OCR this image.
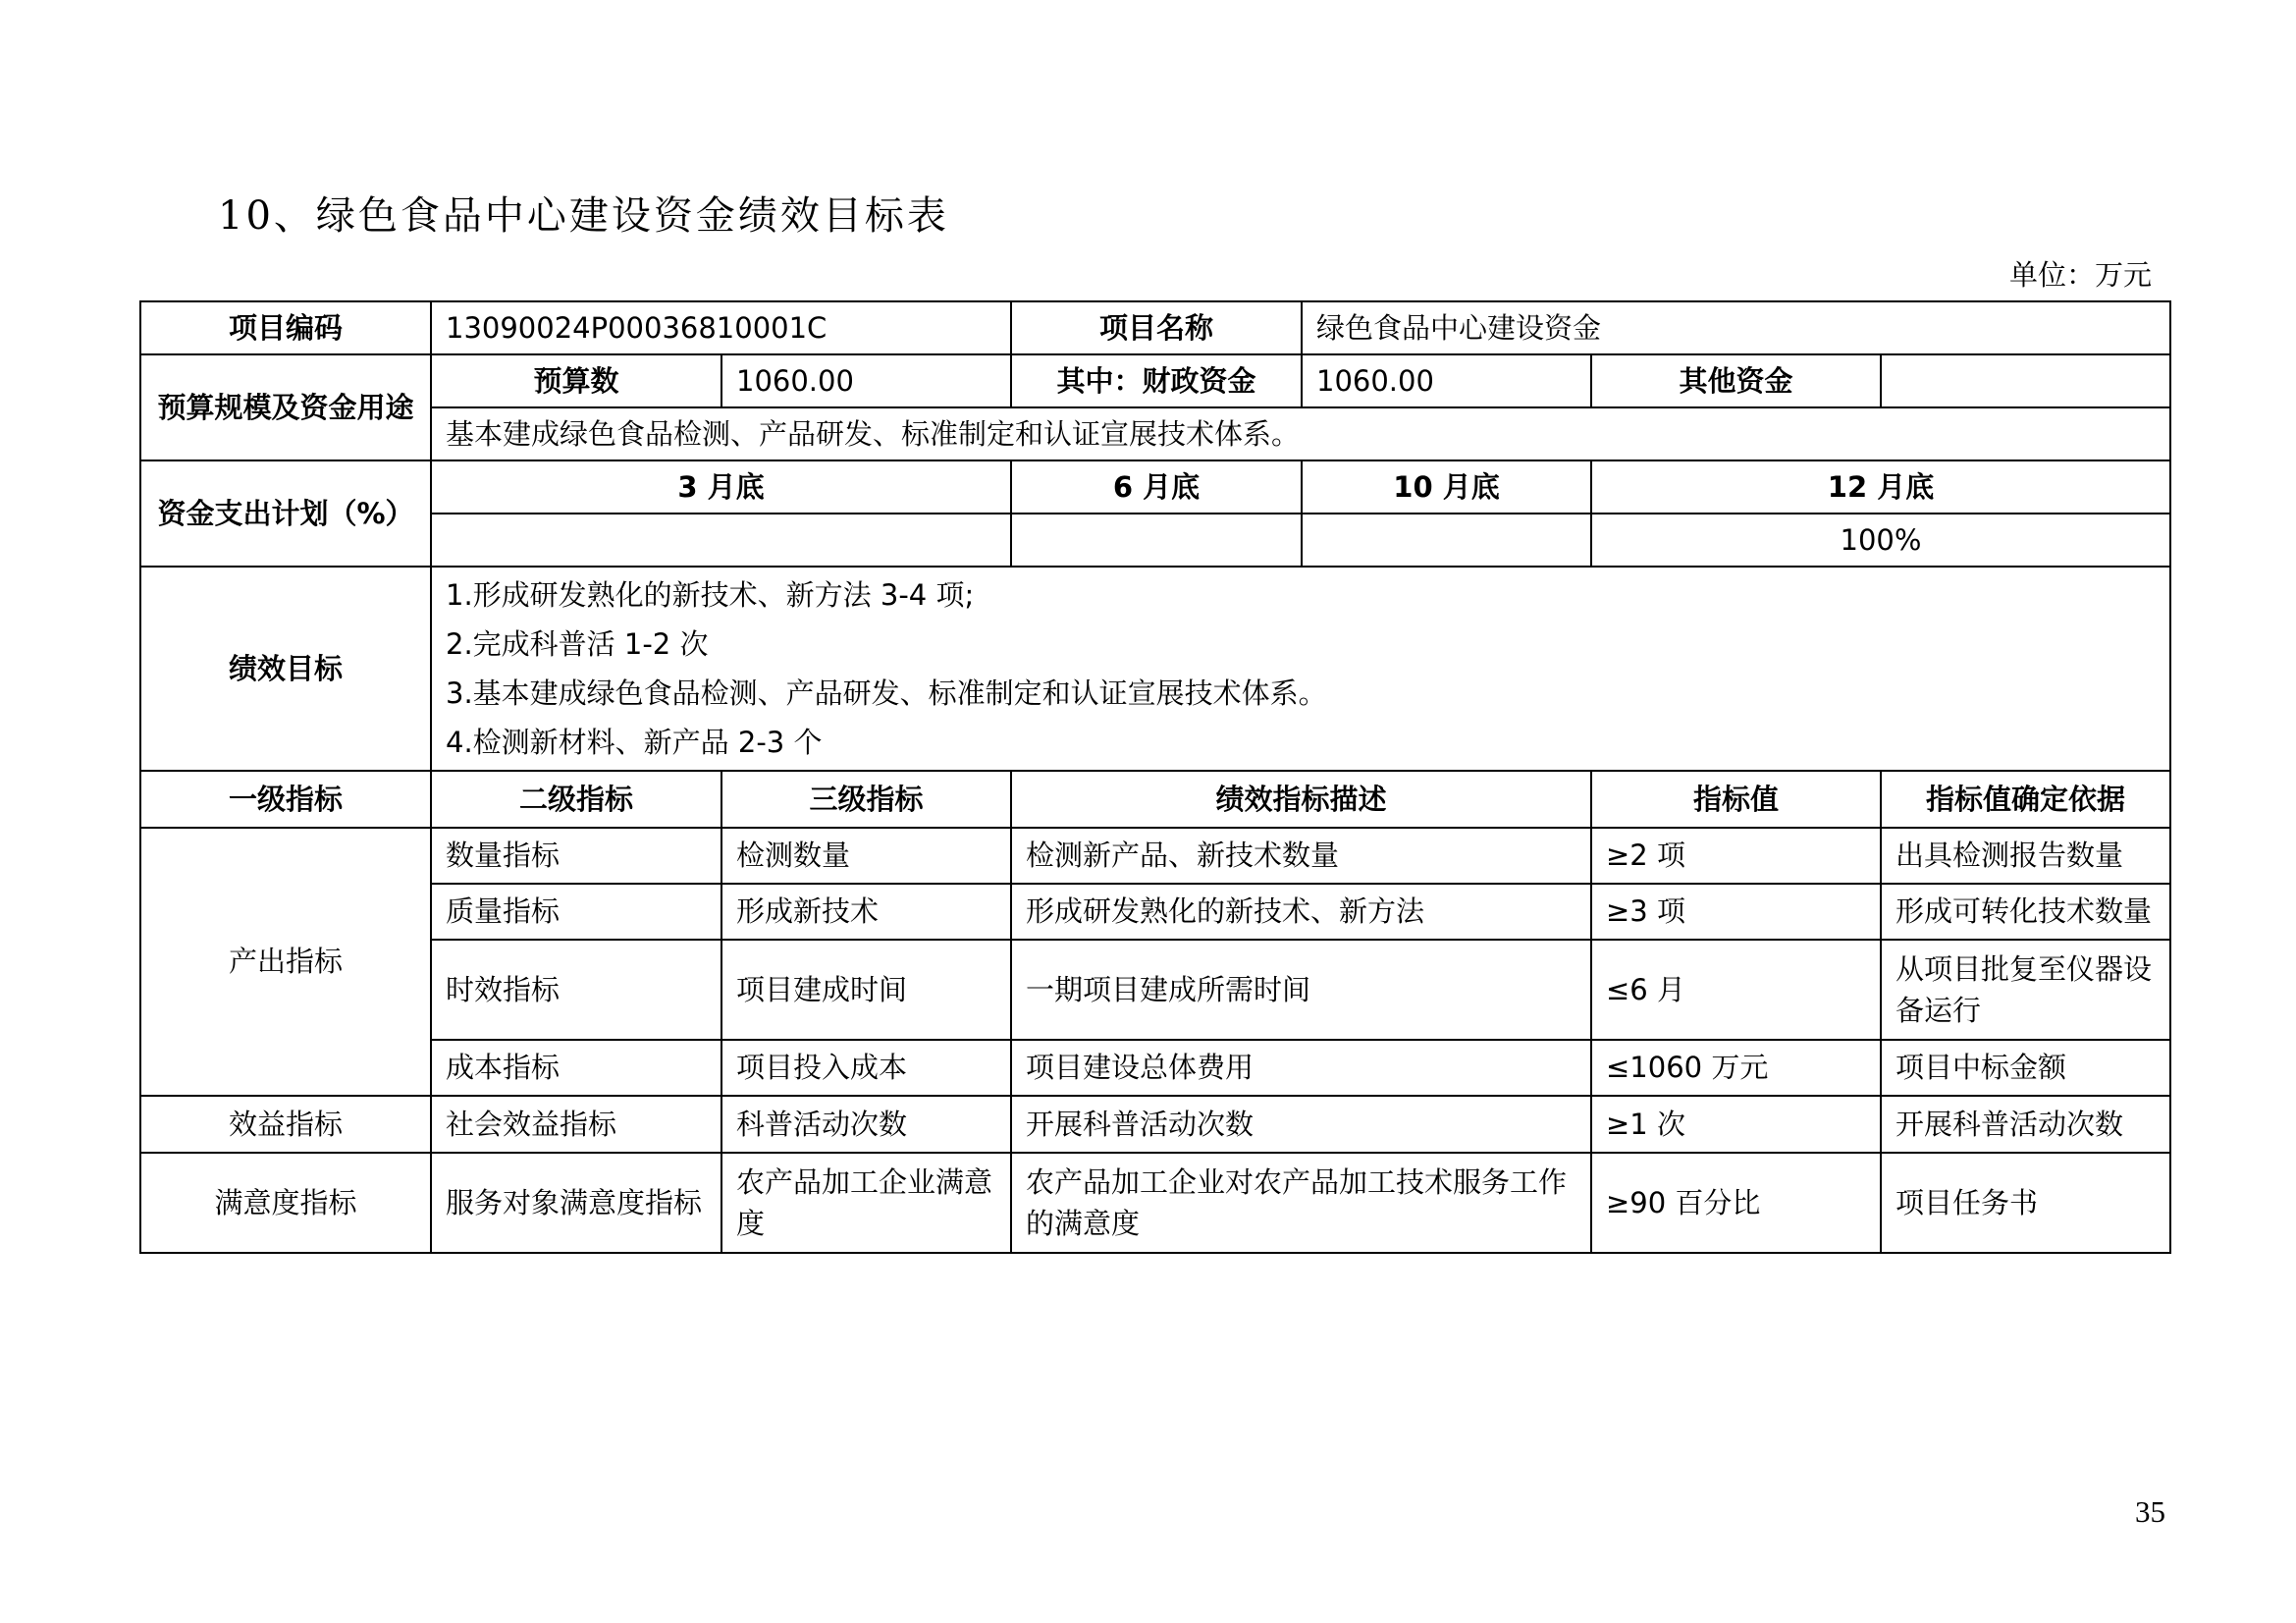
10、绿色食品中心建设资金绩效目标表
单位：万元
项目编码	13090024P00036810001C		项目名称	绿色食品中心建设资金		
预算规模及资金用途	预算数	1060.00	其中：财政资金	1060.00	其他资金	
	基本建成绿色食品检测、产品研发、标准制定和认证宣展技术体系。					
资金支出计划（%）	3 月底		6 月底	10 月底	12 月底	
					100%	
绩效目标	1.形成研发熟化的新技术、新方法 3-4 项;
2.完成科普活 1-2 次
3.基本建成绿色食品检测、产品研发、标准制定和认证宣展技术体系。
4.检测新材料、新产品 2-3 个					

一级指标	二级指标	三级指标	绩效指标描述		指标值	指标值确定依据
产出指标	数量指标	检测数量	检测新产品、新技术数量		≥2 项	出具检测报告数量
	质量指标	形成新技术	形成研发熟化的新技术、新方法		≥3 项	形成可转化技术数量
	时效指标	项目建成时间	一期项目建成所需时间		≤6 月	从项目批复至仪器设备运行
	成本指标	项目投入成本	项目建设总体费用		≤1060 万元	项目中标金额
效益指标	社会效益指标	科普活动次数	开展科普活动次数		≥1 次	开展科普活动次数
满意度指标	服务对象满意度指标	农产品加工企业满意度	农产品加工企业对农产品加工技术服务工作的满意度		≥90 百分比	项目任务书
35
